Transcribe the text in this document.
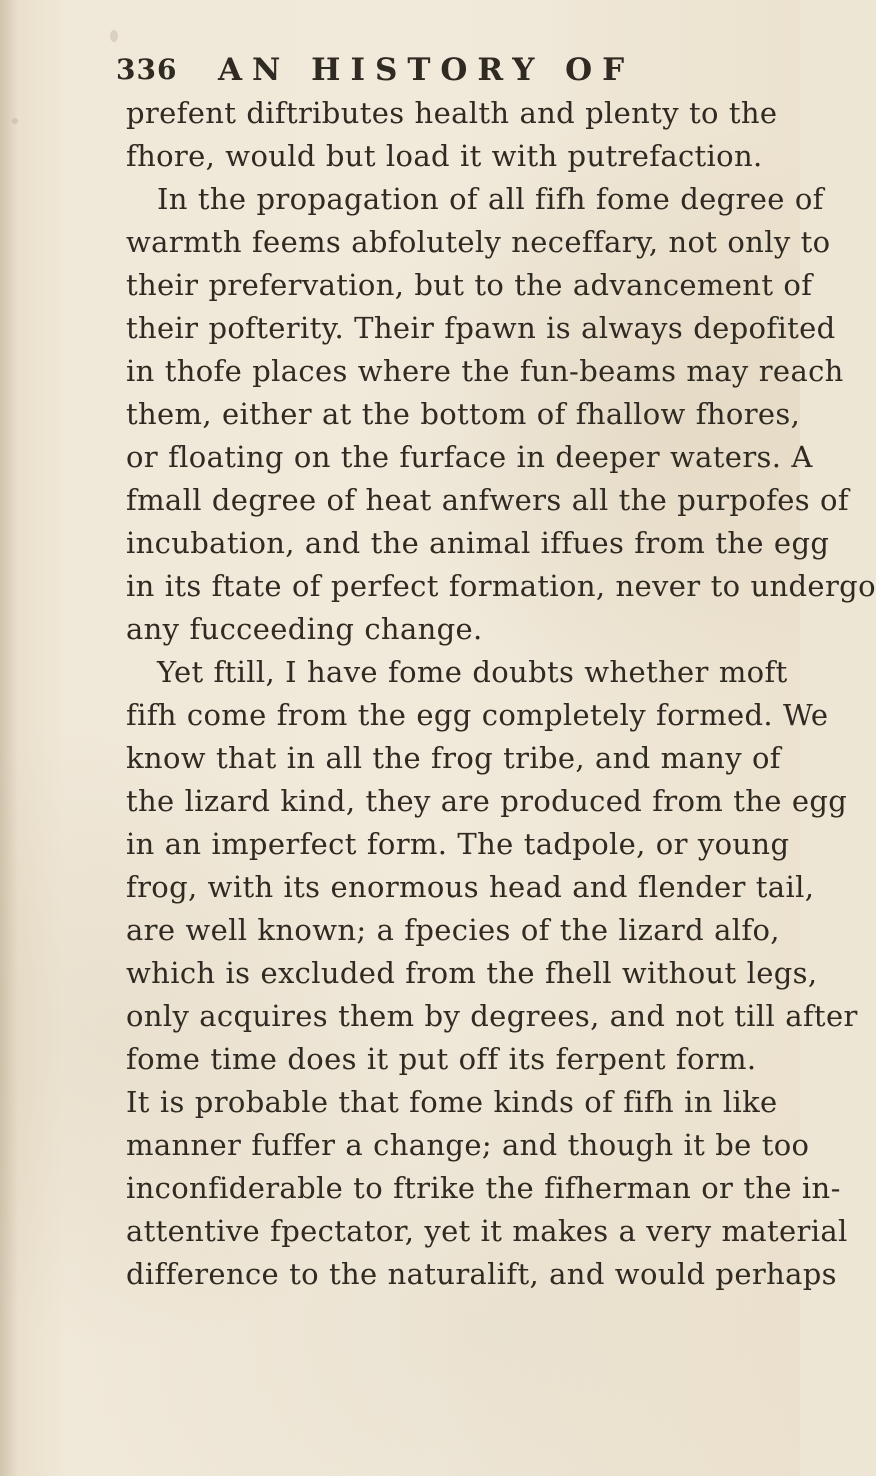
336 AN HISTORY OF
prefent diftributes health and plenty to the
fhore, would but load it with putrefaction.
In the propagation of all fifh fome degree of
warmth feems abfolutely neceffary, not only to
their prefervation, but to the advancement of
their pofterity. Their fpawn is always depofited
in thofe places where the fun-beams may reach
them, either at the bottom of fhallow fhores,
or floating on the furface in deeper waters. A
fmall degree of heat anfwers all the purpofes of
incubation, and the animal iffues from the egg
in its ftate of perfect formation, never to undergo
any fucceeding change.
Yet ftill, I have fome doubts whether moft
fifh come from the egg completely formed. We
know that in all the frog tribe, and many of
the lizard kind, they are produced from the egg
in an imperfect form. The tadpole, or young
frog, with its enormous head and flender tail,
are well known; a fpecies of the lizard alfo,
which is excluded from the fhell without legs,
only acquires them by degrees, and not till after
fome time does it put off its ferpent form.
It is probable that fome kinds of fifh in like
manner fuffer a change; and though it be too
inconfiderable to ftrike the fifherman or the in-
attentive fpectator, yet it makes a very material
difference to the naturalift, and would perhaps
